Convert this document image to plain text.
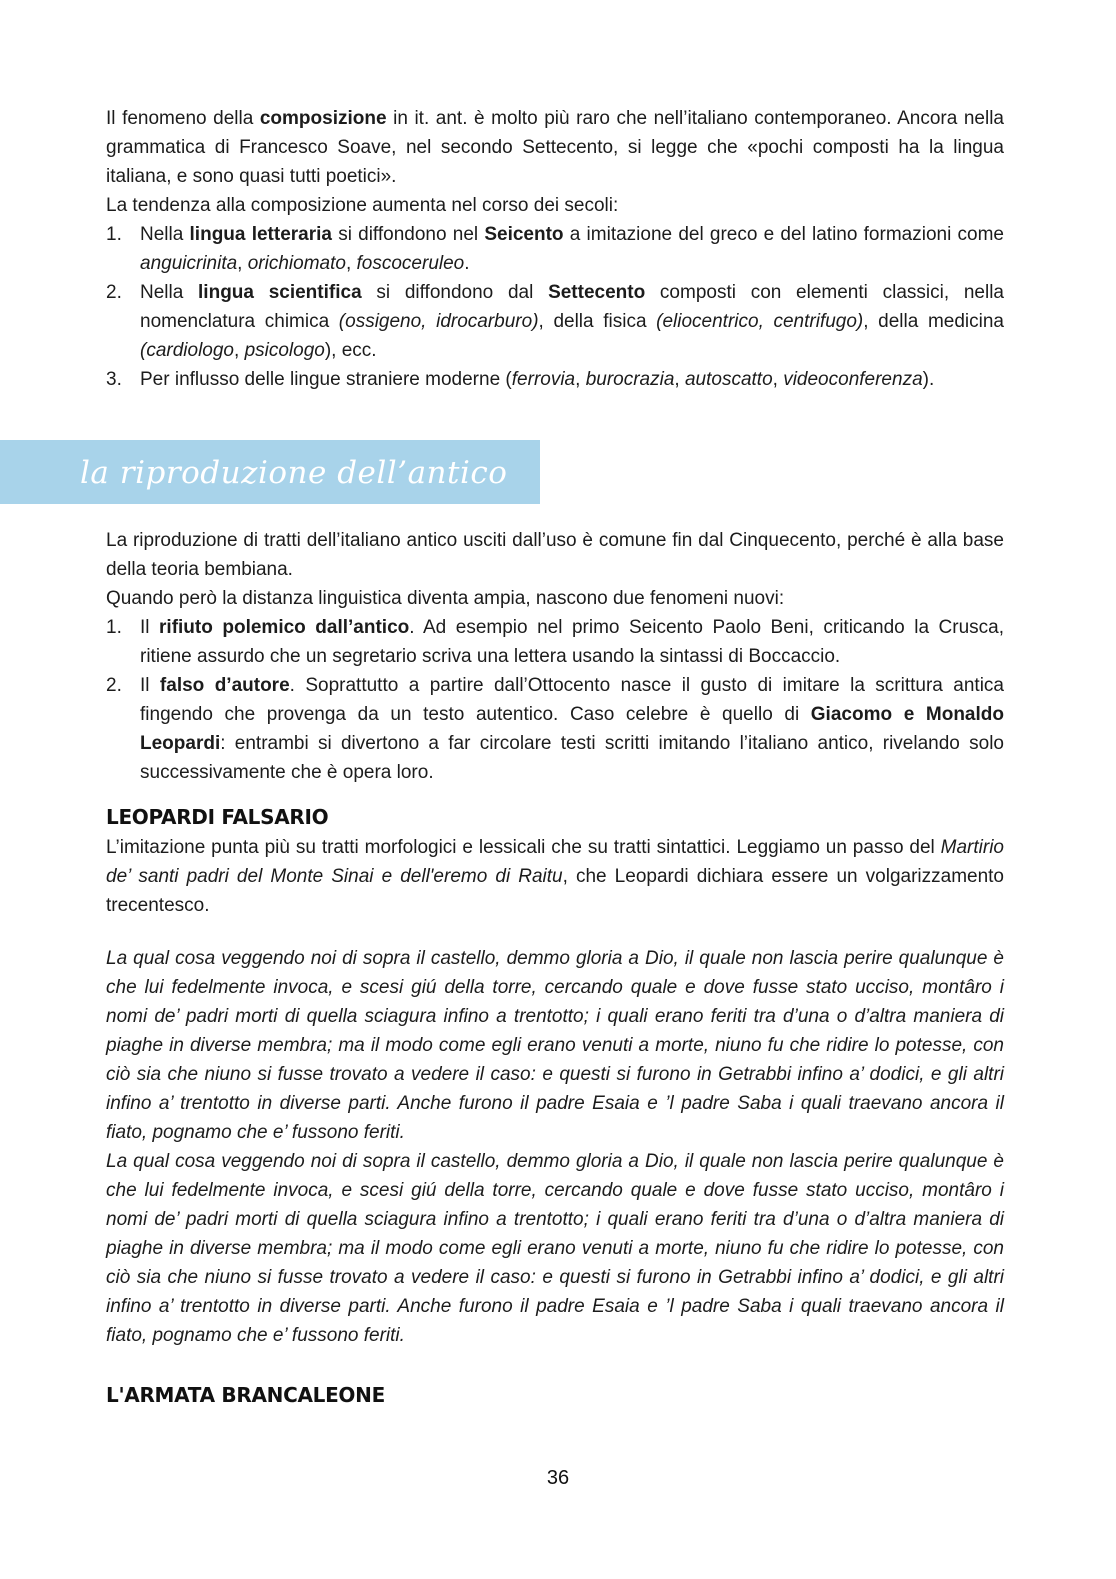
Il fenomeno della composizione in it. ant. è molto più raro che nell’italiano contemporaneo. Ancora nella grammatica di Francesco Soave, nel secondo Settecento, si legge che «pochi composti ha la lingua italiana, e sono quasi tutti poetici».

La tendenza alla composizione aumenta nel corso dei secoli:

1. Nella lingua letteraria si diffondono nel Seicento a imitazione del greco e del latino formazioni come anguicrinita, orichiomato, foscoceruleo.
2. Nella lingua scientifica si diffondono dal Settecento composti con elementi classici, nella nomenclatura chimica (ossigeno, idrocarburo), della fisica (eliocentrico, centrifugo), della medicina (cardiologo, psicologo), ecc.
3. Per influsso delle lingue straniere moderne (ferrovia, burocrazia, autoscatto, videoconferenza).
la riproduzione dell’antico

La riproduzione di tratti dell’italiano antico usciti dall’uso è comune fin dal Cinquecento, perché è alla base della teoria bembiana.

Quando però la distanza linguistica diventa ampia, nascono due fenomeni nuovi:

1. Il rifiuto polemico dall’antico. Ad esempio nel primo Seicento Paolo Beni, criticando la Crusca, ritiene assurdo che un segretario scriva una lettera usando la sintassi di Boccaccio.
2. Il falso d’autore. Soprattutto a partire dall’Ottocento nasce il gusto di imitare la scrittura antica fingendo che provenga da un testo autentico. Caso celebre è quello di Giacomo e Monaldo Leopardi: entrambi si divertono a far circolare testi scritti imitando l’italiano antico, rivelando solo successivamente che è opera loro.
LEOPARDI FALSARIO

L’imitazione punta più su tratti morfologici e lessicali che su tratti sintattici. Leggiamo un passo del Martirio de’ santi padri del Monte Sinai e dell'eremo di Raitu, che Leopardi dichiara essere un volgarizzamento trecentesco.

La qual cosa veggendo noi di sopra il castello, demmo gloria a Dio, il quale non lascia perire qualunque è che lui fedelmente invoca, e scesi giú della torre, cercando quale e dove fusse stato ucciso, montâro i nomi de’ padri morti di quella sciagura infino a trentotto; i quali erano feriti tra d’una o d’altra maniera di piaghe in diverse membra; ma il modo come egli erano venuti a morte, niuno fu che ridire lo potesse, con ciò sia che niuno si fusse trovato a vedere il caso: e questi si furono in Getrabbi infino a’ dodici, e gli altri infino a’ trentotto in diverse parti. Anche furono il padre Esaia e ’l padre Saba i quali traevano ancora il fiato, pognamo che e’ fussono feriti.

La qual cosa veggendo noi di sopra il castello, demmo gloria a Dio, il quale non lascia perire qualunque è che lui fedelmente invoca, e scesi giú della torre, cercando quale e dove fusse stato ucciso, montâro i nomi de’ padri morti di quella sciagura infino a trentotto; i quali erano feriti tra d’una o d’altra maniera di piaghe in diverse membra; ma il modo come egli erano venuti a morte, niuno fu che ridire lo potesse, con ciò sia che niuno si fusse trovato a vedere il caso: e questi si furono in Getrabbi infino a’ dodici, e gli altri infino a’ trentotto in diverse parti. Anche furono il padre Esaia e ’l padre Saba i quali traevano ancora il fiato, pognamo che e’ fussono feriti.

L'ARMATA BRANCALEONE
36
